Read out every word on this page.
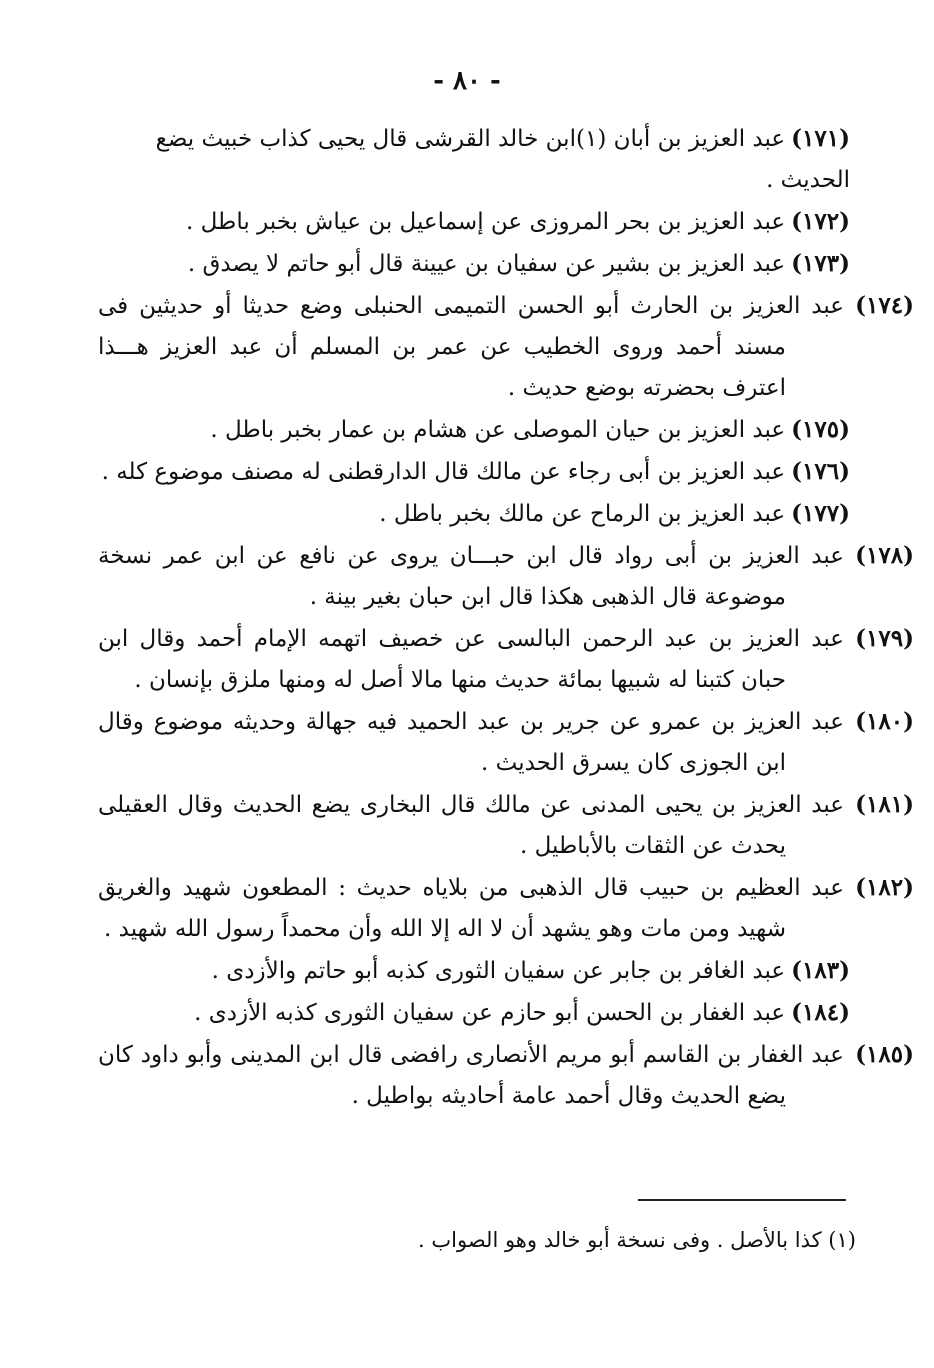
- ٨٠ -
(١٧١)عبد العزيز بن أبان (١)ابن خالد القرشى قال يحيى كذاب خبيث يضع الحديث .
(١٧٢)عبد العزيز بن بحر المروزى عن إسماعيل بن عياش بخبر باطل .
(١٧٣)عبد العزيز بن بشير عن سفيان بن عيينة قال أبو حاتم لا يصدق .
(١٧٤)عبد العزيز بن الحارث أبو الحسن التميمى الحنبلى وضع حديثا أو حديثين فى مسند أحمد وروى الخطيب عن عمر بن المسلم أن عبد العزيز هـــذا اعترف بحضرته بوضع حديث .
(١٧٥)عبد العزيز بن حيان الموصلى عن هشام بن عمار بخبر باطل .
(١٧٦)عبد العزيز بن أبى رجاء عن مالك قال الدارقطنى له مصنف موضوع كله .
(١٧٧)عبد العزيز بن الرماح عن مالك بخبر باطل .
(١٧٨)عبد العزيز بن أبى رواد قال ابن حبـــان يروى عن نافع عن ابن عمر نسخة موضوعة قال الذهبى هكذا قال ابن حبان بغير بينة .
(١٧٩)عبد العزيز بن عبد الرحمن البالسى عن خصيف اتهمه الإمام أحمد وقال ابن حبان كتبنا له شبيها بمائة حديث منها مالا أصل له ومنها ملزق بإنسان .
(١٨٠)عبد العزيز بن عمرو عن جرير بن عبد الحميد فيه جهالة وحديثه موضوع وقال ابن الجوزى كان يسرق الحديث .
(١٨١)عبد العزيز بن يحيى المدنى عن مالك قال البخارى يضع الحديث وقال العقيلى يحدث عن الثقات بالأباطيل .
(١٨٢)عبد العظيم بن حبيب قال الذهبى من بلاياه حديث : المطعون شهيد والغريق شهيد ومن مات وهو يشهد أن لا اله إلا الله وأن محمداً رسول الله شهيد .
(١٨٣)عبد الغافر بن جابر عن سفيان الثورى كذبه أبو حاتم والأزدى .
(١٨٤)عبد الغفار بن الحسن أبو حازم عن سفيان الثورى كذبه الأزدى .
(١٨٥)عبد الغفار بن القاسم أبو مريم الأنصارى رافضى قال ابن المدينى وأبو داود كان يضع الحديث وقال أحمد عامة أحاديثه بواطيل .
(١) كذا بالأصل . وفى نسخة أبو خالد وهو الصواب .
